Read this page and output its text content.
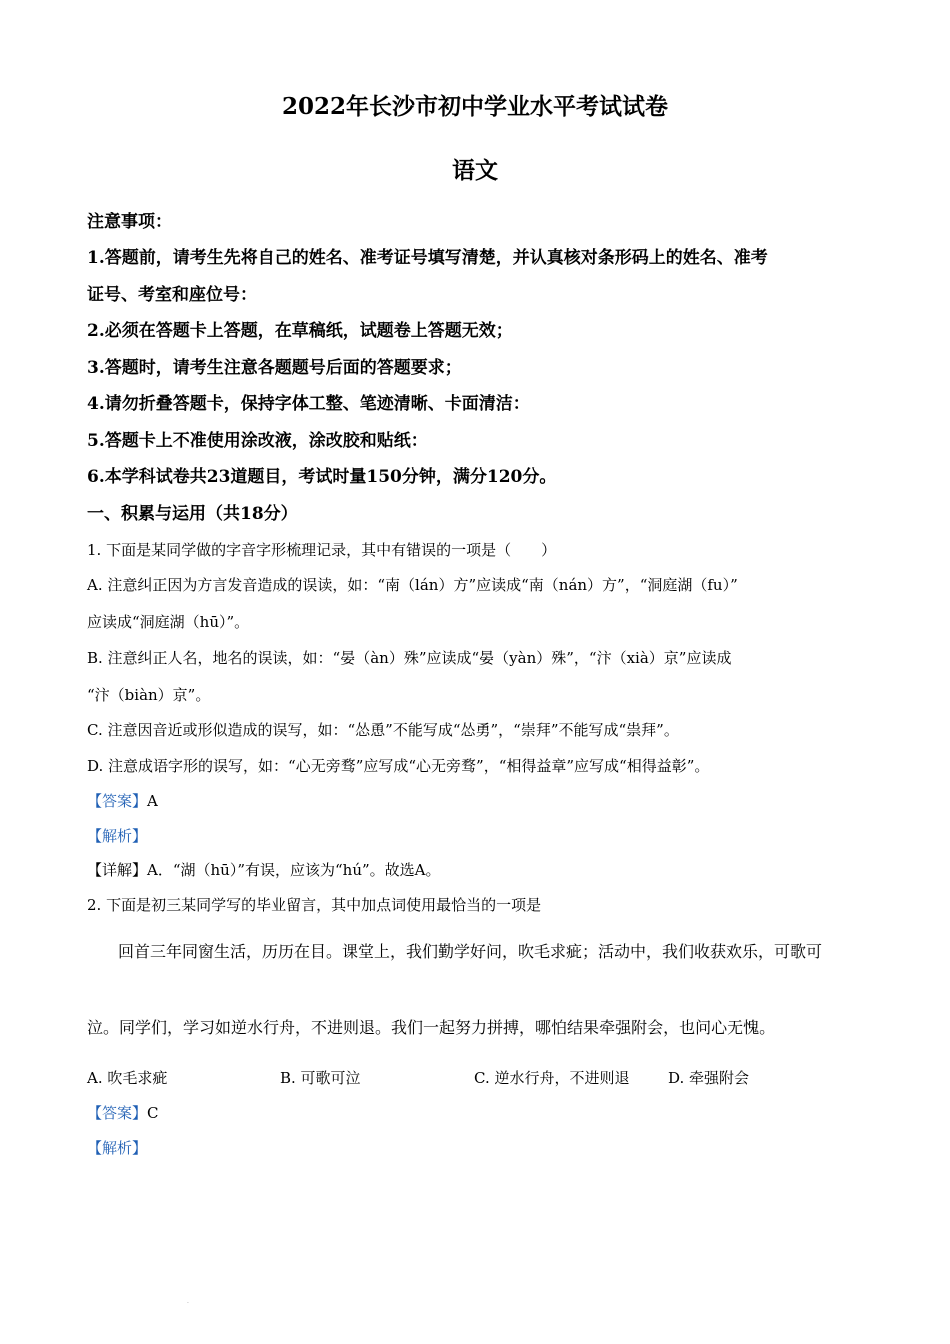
2022年长沙市初中学业水平考试试卷
语文
注意事项：
1.答题前，请考生先将自己的姓名、准考证号填写清楚，并认真核对条形码上的姓名、准考
证号、考室和座位号：
2.必须在答题卡上答题，在草稿纸，试题卷上答题无效；
3.答题时，请考生注意各题题号后面的答题要求；
4.请勿折叠答题卡，保持字体工整、笔迹清晰、卡面清洁：
5.答题卡上不准使用涂改液，涂改胶和贴纸：
6.本学科试卷共23道题目，考试时量150分钟，满分120分。
一、积累与运用（共18分）
1. 下面是某同学做的字音字形梳理记录，其中有错误的一项是（　　）
A. 注意纠正因为方言发音造成的误读，如：“南（lán）方”应读成“南（nán）方”，“洞庭湖（fu）”
应读成“洞庭湖（hū）”。
B. 注意纠正人名，地名的误读，如：“晏（àn）殊”应读成“晏（yàn）殊”，“汴（xià）京”应读成
“汴（biàn）京”。
C. 注意因音近或形似造成的误写，如：“怂恿”不能写成“怂勇”，“崇拜”不能写成“祟拜”。
D. 注意成语字形的误写，如：“心无旁骛”应写成“心无旁骛”，“相得益章”应写成“相得益彰”。
【答案】A
【解析】
【详解】A．“湖（hū）”有误，应该为“hú”。故选A。
2. 下面是初三某同学写的毕业留言，其中加点词使用最恰当的一项是
回首三年同窗生活，历历在目。课堂上，我们勤学好问，吹毛求疵；活动中，我们收获欢乐，可歌可
泣。同学们，学习如逆水行舟，不进则退。我们一起努力拼搏，哪怕结果牵强附会，也问心无愧。
A. 吹毛求疵	B. 可歌可泣	C. 逆水行舟，不进则退	D. 牵强附会
【答案】C
【解析】
·
